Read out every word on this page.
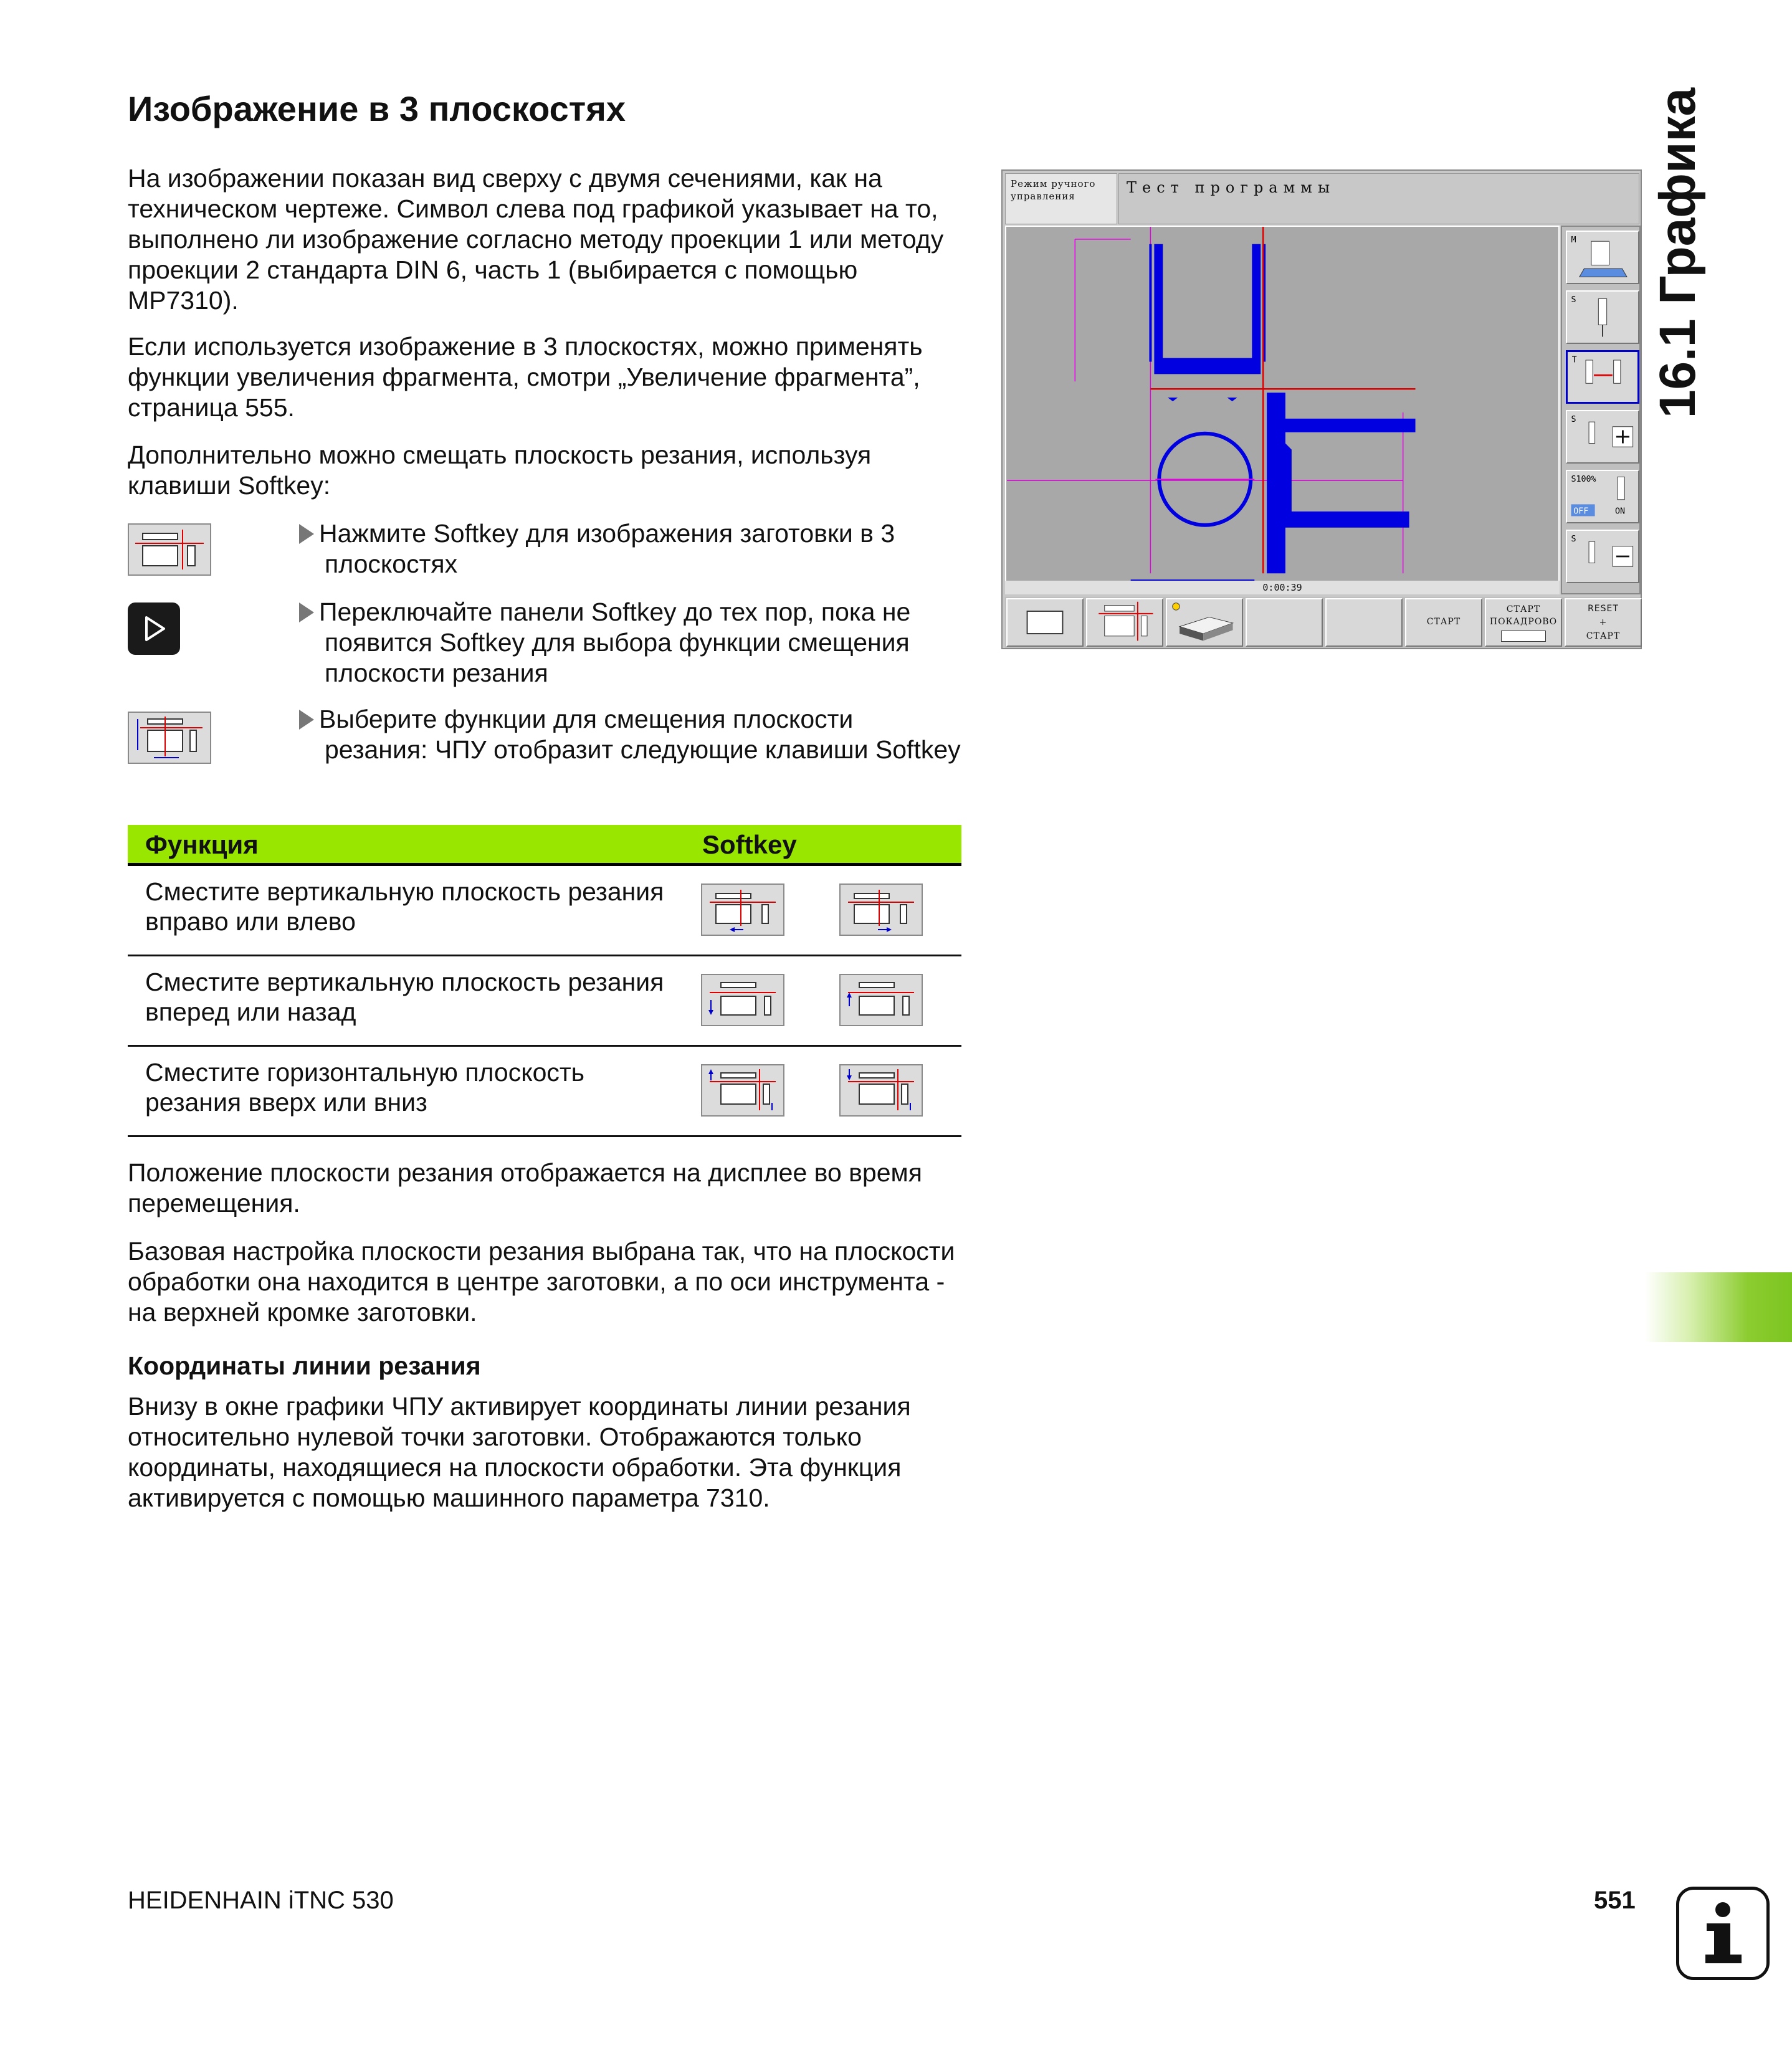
Изображение в 3 плоскостях
На изображении показан вид сверху с двумя сечениями, как на техническом чертеже. Символ слева под графикой указывает на то, выполнено ли изображение согласно методу проекции 1 или методу проекции 2 стандарта DIN 6, часть 1 (выбирается с помощью MP7310).
Если используется изображение в 3 плоскостях, можно применять функции увеличения фрагмента, смотри „Увеличение фрагмента”, страница 555.
Дополнительно можно смещать плоскость резания, используя клавиши Softkey:
Нажмите Softkey для изображения заготовки в 3
плоскостях
Переключайте панели Softkey до тех пор, пока не
появится Softkey для выбора функции смещения плоскости резания
Выберите функции для смещения плоскости
резания: ЧПУ отобразит следующие клавиши Softkey
Функция	Softkey
Сместите вертикальную плоскость резания вправо или влево
Сместите вертикальную плоскость резания вперед или назад
Сместите горизонтальную плоскость резания вверх или вниз
Положение плоскости резания отображается на дисплее во время перемещения.
Базовая настройка плоскости резания выбрана так, что на плоскости обработки она находится в центре заготовки, а по оси инструмента - на верхней кромке заготовки.
Координаты линии резания
Внизу в окне графики ЧПУ активирует координаты линии резания относительно нулевой точки заготовки. Отображаются только координаты, находящиеся на плоскости обработки. Эта функция активируется с помощью машинного параметра 7310.
16.1 Графика
HEIDENHAIN iTNC 530	551
Режим ручного управления	Тест программы
0:00:39
M
S
T
S
S100%
OFF	ON
S
СТАРТ
СТАРТ ПОКАДРОВО
RESET
+
СТАРТ
